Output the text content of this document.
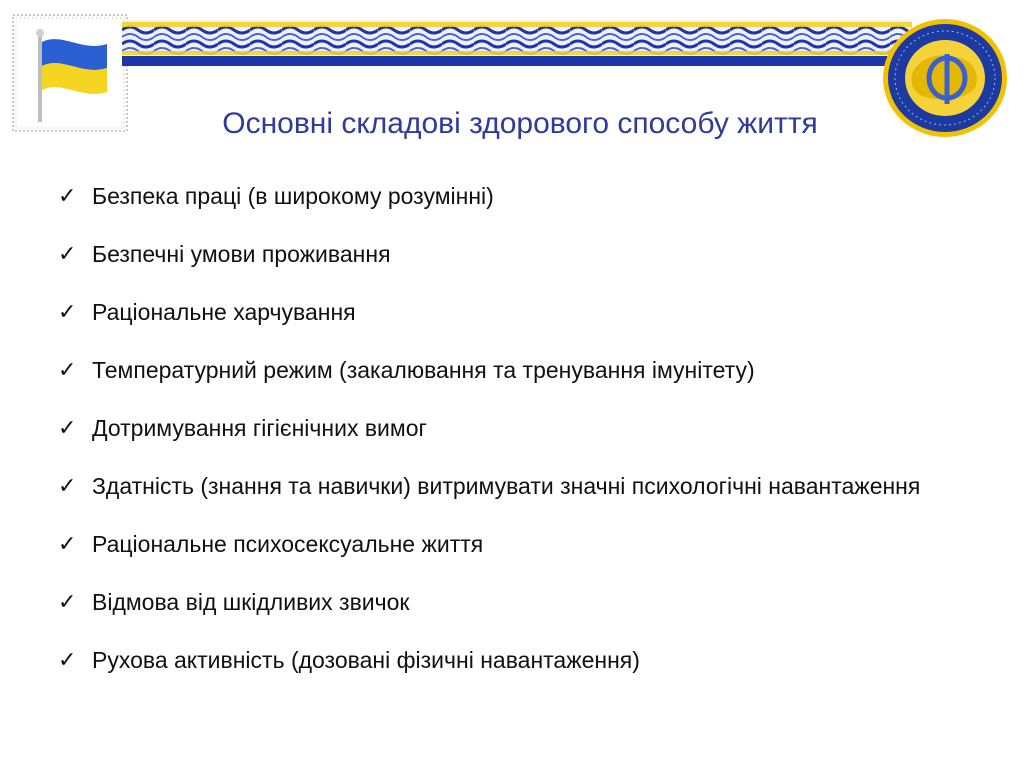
Основні складові здорового способу життя
✓ Безпека праці (в широкому розумінні)
✓ Безпечні умови проживання
✓ Раціональне харчування
✓ Температурний режим (закалювання та тренування імунітету)
✓ Дотримування гігієнічних вимог
✓ Здатність (знання та навички) витримувати значні психологічні навантаження
✓ Раціональне психосексуальне життя
✓ Відмова від шкідливих звичок
✓ Рухова активність (дозовані фізичні навантаження)
